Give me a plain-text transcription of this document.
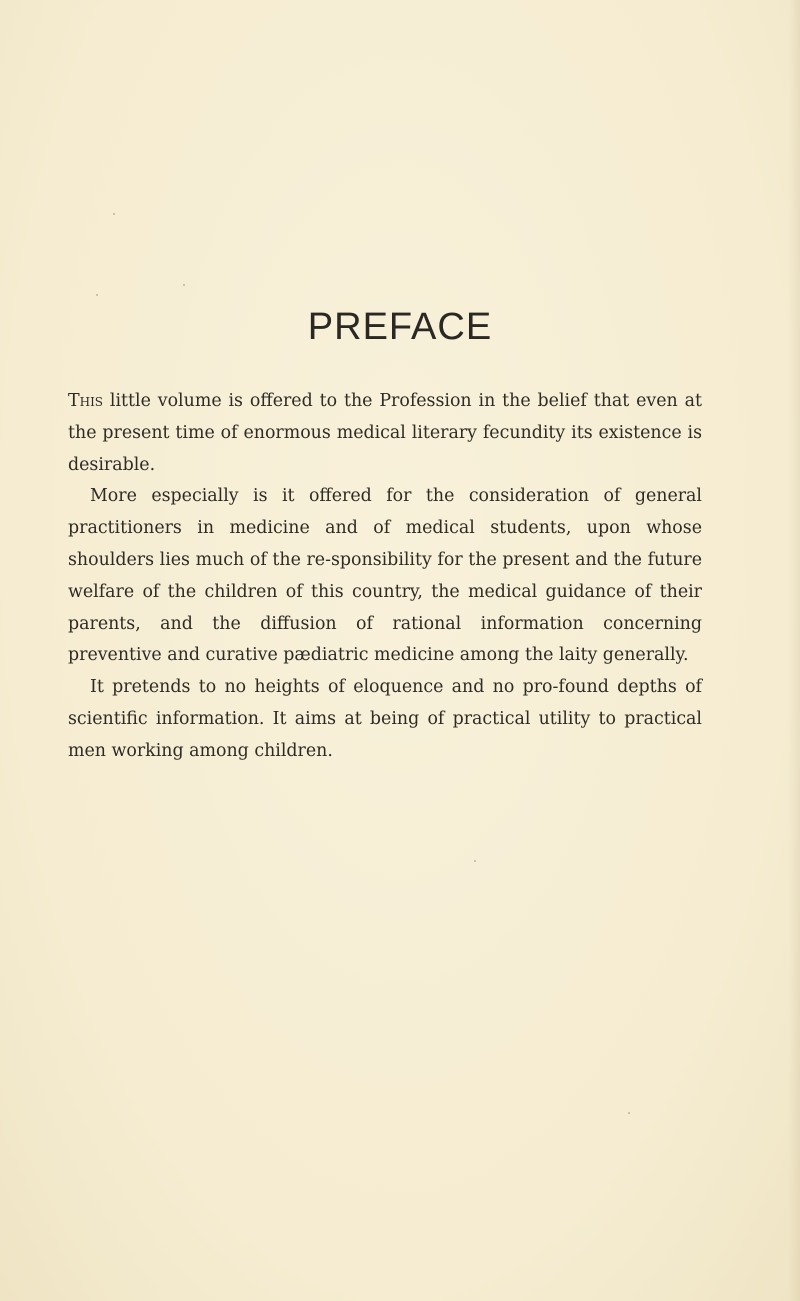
PREFACE

This little volume is offered to the Profession in the belief that even at the present time of enormous medical literary fecundity its existence is desirable.

More especially is it offered for the consideration of general practitioners in medicine and of medical students, upon whose shoulders lies much of the re-sponsibility for the present and the future welfare of the children of this country, the medical guidance of their parents, and the diffusion of rational information concerning preventive and curative pædiatric medicine among the laity generally.

It pretends to no heights of eloquence and no pro-found depths of scientific information. It aims at being of practical utility to practical men working among children.
